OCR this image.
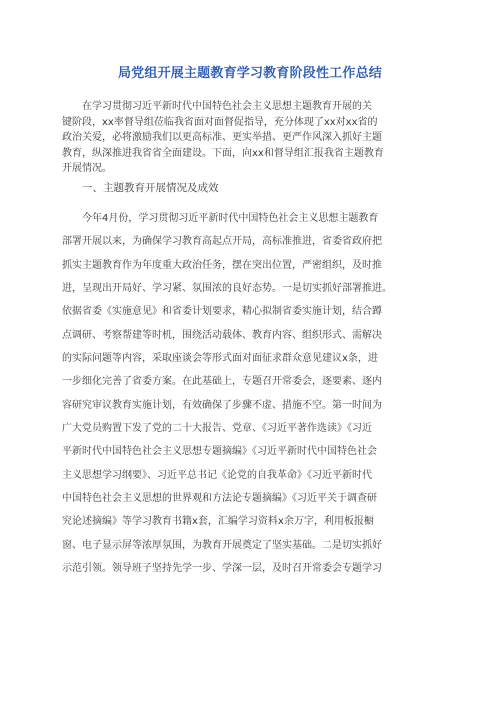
局党组开展主题教育学习教育阶段性工作总结
在学习贯彻习近平新时代中国特色社会主义思想主题教育开展的关
键阶段，xx率督导组莅临我省面对面督促指导，充分体现了xx对xx省的
政治关爱，必将激励我们以更高标准、更实举措、更严作风深入抓好主题
教育，纵深推进我省省全面建设。下面，向xx和督导组汇报我省主题教育
开展情况。
一、主题教育开展情况及成效
今年4月份，学习贯彻习近平新时代中国特色社会主义思想主题教育
部署开展以来，为确保学习教育高起点开局，高标准推进，省委省政府把
抓实主题教育作为年度重大政治任务，摆在突出位置，严密组织，及时推
进，呈现出开局好、学习紧、氛围浓的良好态势。一是切实抓好部署推进。
依据省委《实施意见》和省委计划要求，精心拟制省委实施计划，结合蹲
点调研、考察帮建等时机，围绕活动载体、教育内容、组织形式、需解决
的实际问题等内容，采取座谈会等形式面对面征求群众意见建议x条，进
一步细化完善了省委方案。在此基础上，专题召开常委会，逐要素、逐内
容研究审议教育实施计划，有效确保了步骤不虚、措施不空。第一时间为
广大党员购置下发了党的二十大报告、党章、《习近平著作选读》《习近
平新时代中国特色社会主义思想专题摘编》《习近平新时代中国特色社会
主义思想学习纲要》、习近平总书记《论党的自我革命》《习近平新时代
中国特色社会主义思想的世界观和方法论专题摘编》《习近平关于调查研
究论述摘编》等学习教育书籍x套，汇编学习资料x余万字，利用板报橱
窗、电子显示屏等浓厚氛围，为教育开展奠定了坚实基础。二是切实抓好
示范引领。领导班子坚持先学一步、学深一层，及时召开常委会专题学习
